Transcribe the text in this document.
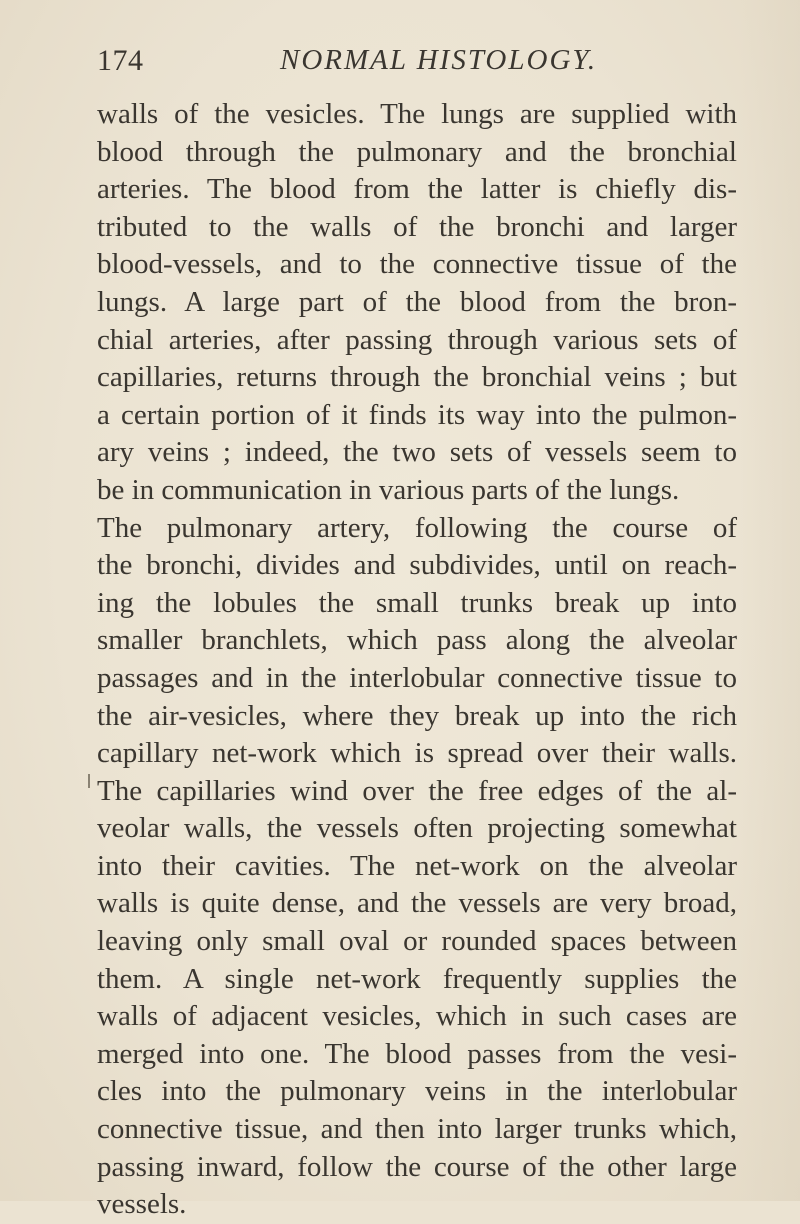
174	NORMAL HISTOLOGY.
walls of the vesicles. The lungs are supplied with
blood through the pulmonary and the bronchial
arteries. The blood from the latter is chiefly dis-
tributed to the walls of the bronchi and larger
blood-vessels, and to the connective tissue of the
lungs. A large part of the blood from the bron-
chial arteries, after passing through various sets of
capillaries, returns through the bronchial veins ; but
a certain portion of it finds its way into the pulmon-
ary veins ; indeed, the two sets of vessels seem to
be in communication in various parts of the lungs.
The pulmonary artery, following the course of
the bronchi, divides and subdivides, until on reach-
ing the lobules the small trunks break up into
smaller branchlets, which pass along the alveolar
passages and in the interlobular connective tissue to
the air-vesicles, where they break up into the rich
capillary net-work which is spread over their walls.
The capillaries wind over the free edges of the al-
veolar walls, the vessels often projecting somewhat
into their cavities. The net-work on the alveolar
walls is quite dense, and the vessels are very broad,
leaving only small oval or rounded spaces between
them. A single net-work frequently supplies the
walls of adjacent vesicles, which in such cases are
merged into one. The blood passes from the vesi-
cles into the pulmonary veins in the interlobular
connective tissue, and then into larger trunks which,
passing inward, follow the course of the other large
vessels.
